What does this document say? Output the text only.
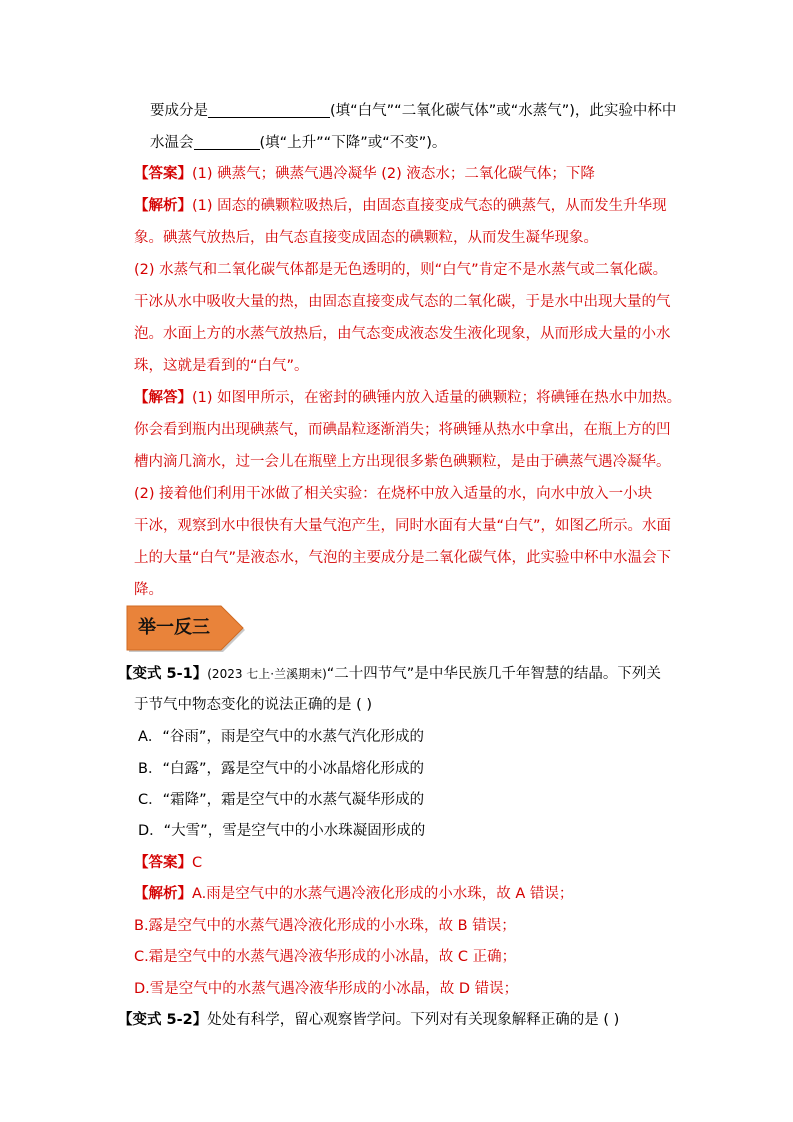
要成分是	(填“白气”“二氧化碳气体”或“水蒸气”)，此实验中杯中
水温会	(填“上升”“下降”或“不变”)。
【答案】(1) 碘蒸气；碘蒸气遇冷凝华 (2) 液态水；二氧化碳气体；下降
【解析】(1) 固态的碘颗粒吸热后，由固态直接变成气态的碘蒸气，从而发生升华现
象。碘蒸气放热后，由气态直接变成固态的碘颗粒，从而发生凝华现象。
(2) 水蒸气和二氧化碳气体都是无色透明的，则“白气”肯定不是水蒸气或二氧化碳。
干冰从水中吸收大量的热，由固态直接变成气态的二氧化碳，于是水中出现大量的气
泡。水面上方的水蒸气放热后，由气态变成液态发生液化现象，从而形成大量的小水
珠，这就是看到的“白气”。
【解答】(1) 如图甲所示，在密封的碘锤内放入适量的碘颗粒；将碘锤在热水中加热。
你会看到瓶内出现碘蒸气，而碘晶粒逐渐消失；将碘锤从热水中拿出，在瓶上方的凹
槽内滴几滴水，过一会儿在瓶壁上方出现很多紫色碘颗粒，是由于碘蒸气遇冷凝华。
(2) 接着他们利用干冰做了相关实验：在烧杯中放入适量的水，向水中放入一小块
干冰，观察到水中很快有大量气泡产生，同时水面有大量“白气”，如图乙所示。水面
上的大量“白气”是液态水，气泡的主要成分是二氧化碳气体，此实验中杯中水温会下
降。
举一反三
【变式 5-1】(2023 七上·兰溪期末)“二十四节气”是中华民族几千年智慧的结晶。下列关
于节气中物态变化的说法正确的是 ( )
A．“谷雨”，雨是空气中的水蒸气汽化形成的
B．“白露”，露是空气中的小冰晶熔化形成的
C．“霜降”，霜是空气中的水蒸气凝华形成的
D．“大雪”，雪是空气中的小水珠凝固形成的
【答案】C
【解析】A.雨是空气中的水蒸气遇冷液化形成的小水珠，故 A 错误；
B.露是空气中的水蒸气遇冷液化形成的小水珠，故 B 错误；
C.霜是空气中的水蒸气遇冷液华形成的小冰晶，故 C 正确；
D.雪是空气中的水蒸气遇冷液华形成的小冰晶，故 D 错误；
【变式 5-2】处处有科学，留心观察皆学问。下列对有关现象解释正确的是 ( )
